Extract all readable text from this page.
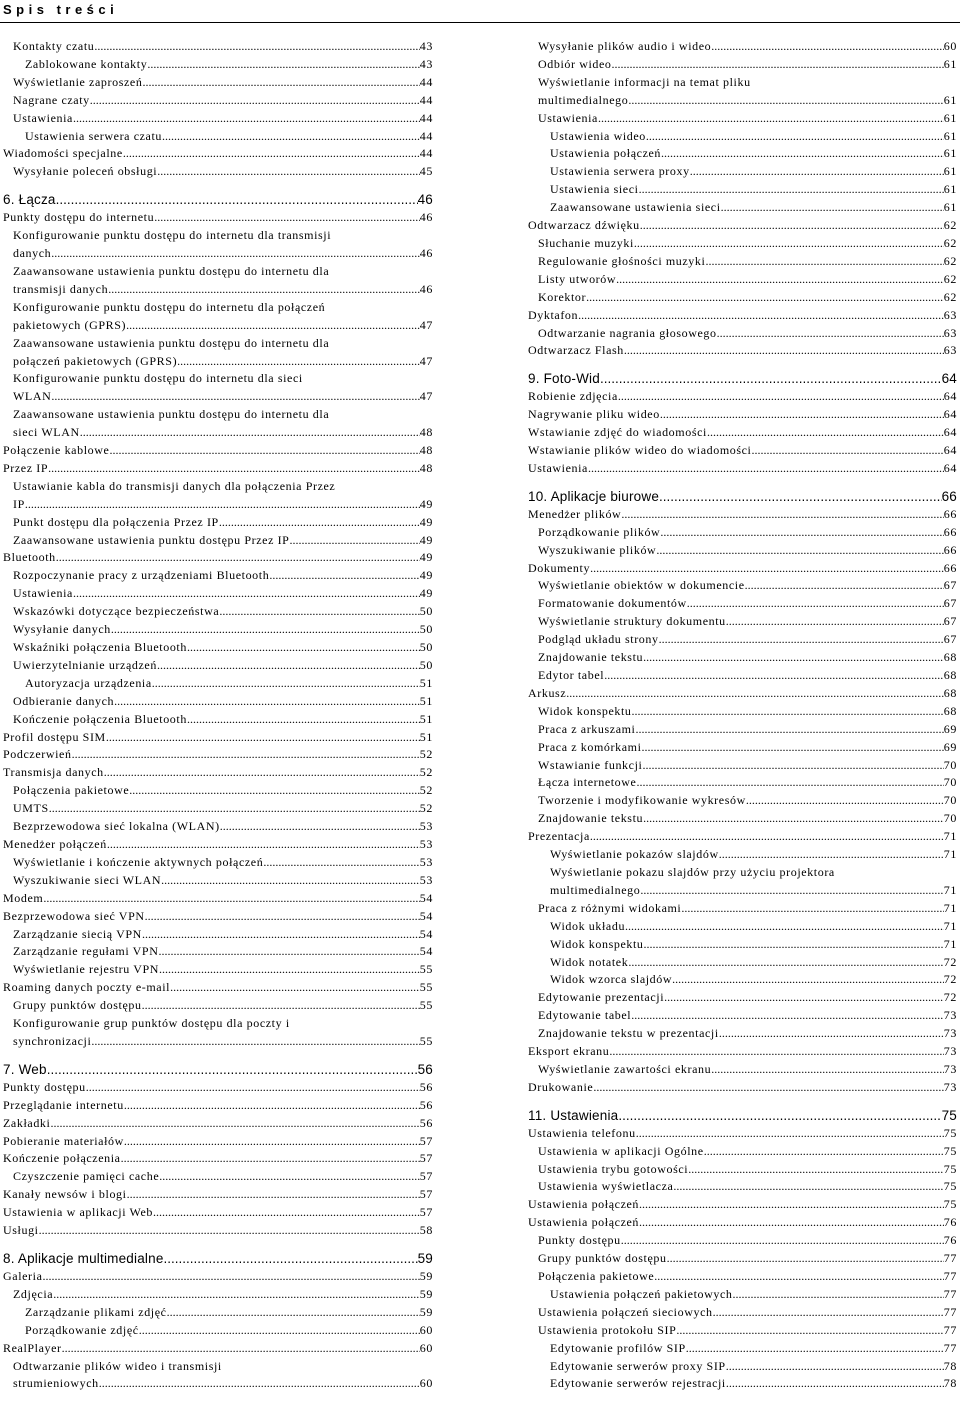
Spis treści
Kontakty czatu .....	43
Zablokowane kontakty .....	43
Wyświetlanie zaproszeń .....	44
Nagrane czaty .....	44
Ustawienia .....	44
Ustawienia serwera czatu .....	44
Wiadomości specjalne .....	44
Wysyłanie poleceń obsługi .....	45
6. Łącza .....	46
Punkty dostępu do internetu .....	46
Konfigurowanie punktu dostępu do internetu dla transmisji
danych .....	46
Zaawansowane ustawienia punktu dostępu do internetu dla
transmisji danych .....	46
Konfigurowanie punktu dostępu do internetu dla połączeń
pakietowych (GPRS) .....	47
Zaawansowane ustawienia punktu dostępu do internetu dla
połączeń pakietowych (GPRS) .....	47
Konfigurowanie punktu dostępu do internetu dla sieci
WLAN .....	47
Zaawansowane ustawienia punktu dostępu do internetu dla
sieci WLAN .....	48
Połączenie kablowe .....	48
Przez IP .....	48
Ustawianie kabla do transmisji danych dla połączenia Przez
IP .....	49
Punkt dostępu dla połączenia Przez IP .....	49
Zaawansowane ustawienia punktu dostępu Przez IP .....	49
Bluetooth .....	49
Rozpoczynanie pracy z urządzeniami Bluetooth .....	49
Ustawienia .....	49
Wskazówki dotyczące bezpieczeństwa .....	50
Wysyłanie danych .....	50
Wskaźniki połączenia Bluetooth .....	50
Uwierzytelnianie urządzeń .....	50
Autoryzacja urządzenia .....	51
Odbieranie danych .....	51
Kończenie połączenia Bluetooth .....	51
Profil dostępu SIM .....	51
Podczerwień .....	52
Transmisja danych .....	52
Połączenia pakietowe .....	52
UMTS .....	52
Bezprzewodowa sieć lokalna (WLAN) .....	53
Menedżer połączeń .....	53
Wyświetlanie i kończenie aktywnych połączeń .....	53
Wyszukiwanie sieci WLAN .....	53
Modem .....	54
Bezprzewodowa sieć VPN .....	54
Zarządzanie siecią VPN .....	54
Zarządzanie regułami VPN .....	54
Wyświetlanie rejestru VPN .....	55
Roaming danych poczty e-mail .....	55
Grupy punktów dostępu .....	55
Konfigurowanie grup punktów dostępu dla poczty i
synchronizacji .....	55
7. Web .....	56
Punkty dostępu .....	56
Przeglądanie internetu .....	56
Zakładki .....	56
Pobieranie materiałów .....	57
Kończenie połączenia .....	57
Czyszczenie pamięci cache .....	57
Kanały newsów i blogi .....	57
Ustawienia w aplikacji Web .....	57
Usługi .....	58
8. Aplikacje multimedialne .....	59
Galeria .....	59
Zdjęcia .....	59
Zarządzanie plikami zdjęć .....	59
Porządkowanie zdjęć .....	60
RealPlayer .....	60
Odtwarzanie plików wideo i transmisji
strumieniowych .....	60
Wysyłanie plików audio i wideo .....	60
Odbiór wideo .....	61
Wyświetlanie informacji na temat pliku
multimedialnego .....	61
Ustawienia .....	61
Ustawienia wideo .....	61
Ustawienia połączeń .....	61
Ustawienia serwera proxy .....	61
Ustawienia sieci .....	61
Zaawansowane ustawienia sieci .....	61
Odtwarzacz dźwięku .....	62
Słuchanie muzyki .....	62
Regulowanie głośności muzyki .....	62
Listy utworów .....	62
Korektor .....	62
Dyktafon .....	63
Odtwarzanie nagrania głosowego .....	63
Odtwarzacz Flash .....	63
9. Foto-Wid .....	64
Robienie zdjęcia .....	64
Nagrywanie pliku wideo .....	64
Wstawianie zdjęć do wiadomości .....	64
Wstawianie plików wideo do wiadomości .....	64
Ustawienia .....	64
10. Aplikacje biurowe .....	66
Menedżer plików .....	66
Porządkowanie plików .....	66
Wyszukiwanie plików .....	66
Dokumenty .....	66
Wyświetlanie obiektów w dokumencie .....	67
Formatowanie dokumentów .....	67
Wyświetlanie struktury dokumentu .....	67
Podgląd układu strony .....	67
Znajdowanie tekstu .....	68
Edytor tabel .....	68
Arkusz .....	68
Widok konspektu .....	68
Praca z arkuszami .....	69
Praca z komórkami .....	69
Wstawianie funkcji .....	70
Łącza internetowe .....	70
Tworzenie i modyfikowanie wykresów .....	70
Znajdowanie tekstu .....	70
Prezentacja .....	71
Wyświetlanie pokazów slajdów .....	71
Wyświetlanie pokazu slajdów przy użyciu projektora
multimedialnego .....	71
Praca z różnymi widokami .....	71
Widok układu .....	71
Widok konspektu .....	71
Widok notatek .....	72
Widok wzorca slajdów .....	72
Edytowanie prezentacji .....	72
Edytowanie tabel .....	73
Znajdowanie tekstu w prezentacji .....	73
Eksport ekranu .....	73
Wyświetlanie zawartości ekranu .....	73
Drukowanie .....	73
11. Ustawienia .....	75
Ustawienia telefonu .....	75
Ustawienia w aplikacji Ogólne .....	75
Ustawienia trybu gotowości .....	75
Ustawienia wyświetlacza .....	75
Ustawienia połączeń .....	75
Ustawienia połączeń .....	76
Punkty dostępu .....	76
Grupy punktów dostępu .....	77
Połączenia pakietowe .....	77
Ustawienia połączeń pakietowych .....	77
Ustawienia połączeń sieciowych .....	77
Ustawienia protokołu SIP .....	77
Edytowanie profilów SIP .....	77
Edytowanie serwerów proxy SIP .....	78
Edytowanie serwerów rejestracji .....	78
